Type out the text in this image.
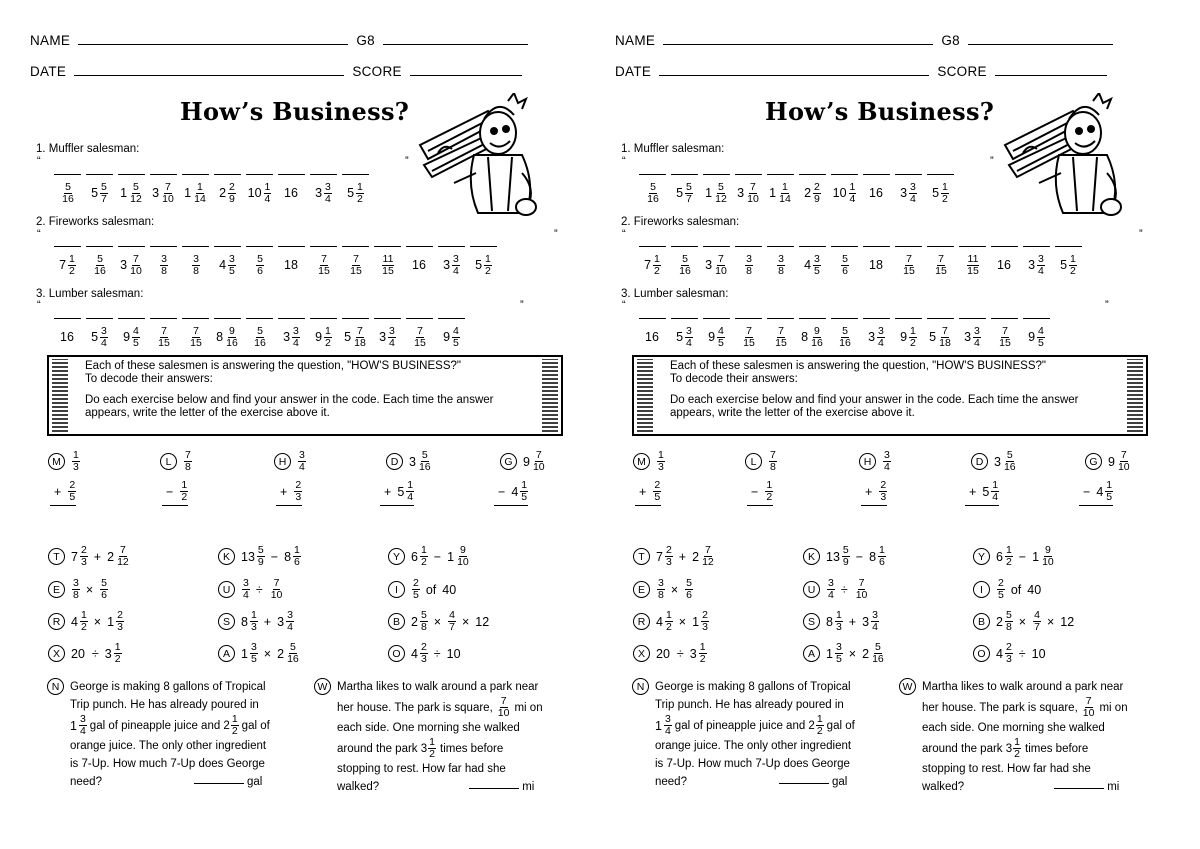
NAME	G8
DATE	SCORE
How’s Business?
1. Muffler salesman:
“	”
$\frac{5}{16} 5 \frac{5}{7} 1 \frac{5}{12} 3 \frac{7}{10} 1 \frac{1}{14} 2 \frac{2}{9} 10 \frac{1}{4} 16$ $3 \frac{3}{4} 5 \frac{1}{2}$
2. Fireworks salesman:
“	”
$7 \frac{1}{2} \frac{5}{16} 3 \frac{7}{10} \frac{3}{8} \frac{3}{8} 4 \frac{3}{5} \frac{5}{6} 18 \frac{7}{15} \frac{7}{15} \frac{11}{15} 16$ $3 \frac{3}{4} 5 \frac{1}{2}$
3. Lumber salesman:
“	”
16 $5 \frac{3}{4} 9 \frac{4}{5} \frac{7}{15} \frac{7}{15} 8 \frac{9}{16} \frac{5}{16} 3 \frac{3}{4} 9 \frac{1}{2} 5 \frac{7}{18} 3 \frac{3}{4} \frac{7}{15} 9 \frac{4}{5}$
Each of these salesmen is answering the question, "HOW'S BUSINESS?"
To decode their answers:
Do each exercise below and find your answer in the code. Each time the answer
appears, write the letter of the exercise above it.
M	$\frac{1}{3}$
+ $\frac{2}{5}$
L	$\frac{7}{8}$
− $\frac{1}{2}$
H	$\frac{3}{4}$
+ $\frac{2}{3}$
D $3 \frac{5}{16}$
+ $5 \frac{1}{4}$
G $9 \frac{7}{10}$
− $4 \frac{1}{5}$
T $7 \frac{2}{3} + 2 \frac{7}{12}$	K $13 \frac{5}{9} - 8 \frac{1}{6}$	Y $6 \frac{1}{2} - 1 \frac{9}{10}$
E	$\frac{3}{8} \times \frac{5}{6}$	U	$\frac{3}{4} \div \frac{7}{10}$	I	$\frac{2}{5}$ of 40
R $4 \frac{1}{2} \times 1 \frac{2}{3}$	S $8 \frac{1}{3} + 3 \frac{3}{4}$	B $2 \frac{5}{8} \times \frac{4}{7} \times 12$
X $20 \div 3 \frac{1}{2}$	A $1 \frac{3}{5} \times 2 \frac{5}{16}$	O $4 \frac{2}{3} \div 10$
N George is making 8 gallons of Tropical
Trip punch. He has already poured in
$1 \frac{3}{4}$ gal of pineapple juice and $2 \frac{1}{2}$ gal of
orange juice. The only other ingredient
is 7-Up. How much 7-Up does George
need?	gal
W Martha likes to walk around a park near
her house. The park is square, $\frac{7}{10}$ mi on
each side. One morning she walked
around the park $3 \frac{1}{2}$ times before
stopping to rest. How far had she
walked?	mi
NAME	G8
DATE	SCORE
How’s Business?
1. Muffler salesman:
“	”
$\frac{5}{16} 5 \frac{5}{7} 1 \frac{5}{12} 3 \frac{7}{10} 1 \frac{1}{14} 2 \frac{2}{9} 10 \frac{1}{4} 16$ $3 \frac{3}{4} 5 \frac{1}{2}$
2. Fireworks salesman:
“	”
$7 \frac{1}{2} \frac{5}{16} 3 \frac{7}{10} \frac{3}{8} \frac{3}{8} 4 \frac{3}{5} \frac{5}{6} 18 \frac{7}{15} \frac{7}{15} \frac{11}{15} 16$ $3 \frac{3}{4} 5 \frac{1}{2}$
3. Lumber salesman:
“	”
16 $5 \frac{3}{4} 9 \frac{4}{5} \frac{7}{15} \frac{7}{15} 8 \frac{9}{16} \frac{5}{16} 3 \frac{3}{4} 9 \frac{1}{2} 5 \frac{7}{18} 3 \frac{3}{4} \frac{7}{15} 9 \frac{4}{5}$
Each of these salesmen is answering the question, "HOW'S BUSINESS?"
To decode their answers:
Do each exercise below and find your answer in the code. Each time the answer
appears, write the letter of the exercise above it.
M	$\frac{1}{3}$
+ $\frac{2}{5}$
L	$\frac{7}{8}$
− $\frac{1}{2}$
H	$\frac{3}{4}$
+ $\frac{2}{3}$
D $3 \frac{5}{16}$
+ $5 \frac{1}{4}$
G $9 \frac{7}{10}$
− $4 \frac{1}{5}$
T $7 \frac{2}{3} + 2 \frac{7}{12}$	K $13 \frac{5}{9} - 8 \frac{1}{6}$	Y $6 \frac{1}{2} - 1 \frac{9}{10}$
E	$\frac{3}{8} \times \frac{5}{6}$	U	$\frac{3}{4} \div \frac{7}{10}$	I	$\frac{2}{5}$ of 40
R $4 \frac{1}{2} \times 1 \frac{2}{3}$	S $8 \frac{1}{3} + 3 \frac{3}{4}$	B $2 \frac{5}{8} \times \frac{4}{7} \times 12$
X $20 \div 3 \frac{1}{2}$	A $1 \frac{3}{5} \times 2 \frac{5}{16}$	O $4 \frac{2}{3} \div 10$
N George is making 8 gallons of Tropical
Trip punch. He has already poured in
$1 \frac{3}{4}$ gal of pineapple juice and $2 \frac{1}{2}$ gal of
orange juice. The only other ingredient
is 7-Up. How much 7-Up does George
need?	gal
W Martha likes to walk around a park near
her house. The park is square, $\frac{7}{10}$ mi on
each side. One morning she walked
around the park $3 \frac{1}{2}$ times before
stopping to rest. How far had she
walked?	mi
